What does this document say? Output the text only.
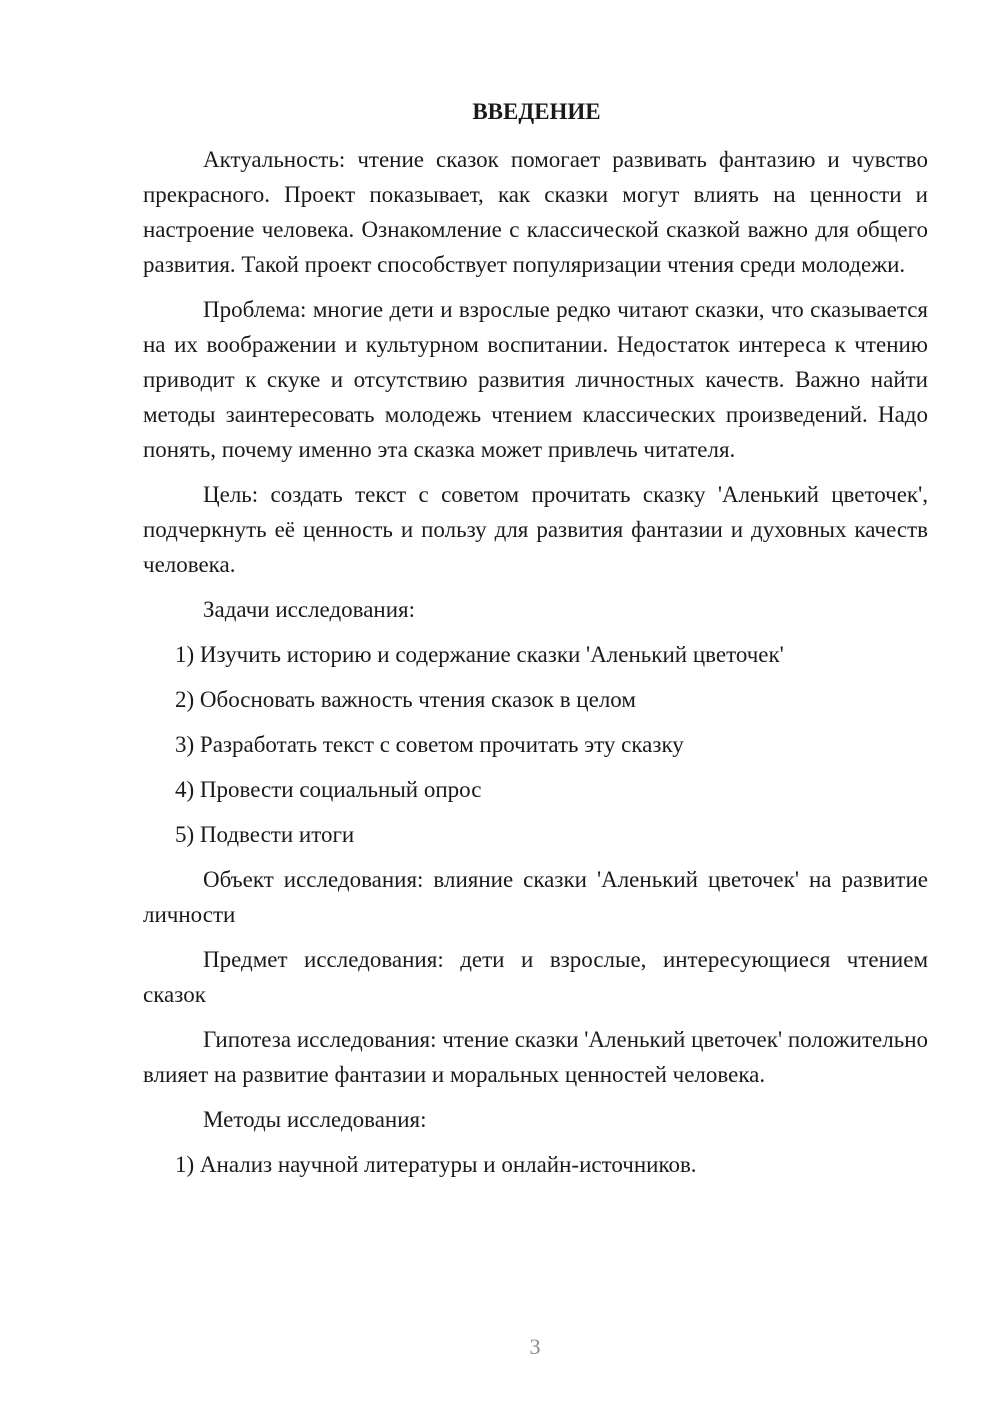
ВВЕДЕНИЕ

Актуальность: чтение сказок помогает развивать фантазию и чувство прекрасного. Проект показывает, как сказки могут влиять на ценности и настроение человека. Ознакомление с классической сказкой важно для общего развития. Такой проект способствует популяризации чтения среди молодежи.

Проблема: многие дети и взрослые редко читают сказки, что сказывается на их воображении и культурном воспитании. Недостаток интереса к чтению приводит к скуке и отсутствию развития личностных качеств. Важно найти методы заинтересовать молодежь чтением классических произведений. Надо понять, почему именно эта сказка может привлечь читателя.

Цель: создать текст с советом прочитать сказку 'Аленький цветочек', подчеркнуть её ценность и пользу для развития фантазии и духовных качеств человека.

Задачи исследования:

1) Изучить историю и содержание сказки 'Аленький цветочек'
2) Обосновать важность чтения сказок в целом
3) Разработать текст с советом прочитать эту сказку
4) Провести социальный опрос
5) Подвести итоги

Объект исследования: влияние сказки 'Аленький цветочек' на развитие личности

Предмет исследования: дети и взрослые, интересующиеся чтением сказок

Гипотеза исследования: чтение сказки 'Аленький цветочек' положительно влияет на развитие фантазии и моральных ценностей человека.

Методы исследования:

1) Анализ научной литературы и онлайн-источников.
3
